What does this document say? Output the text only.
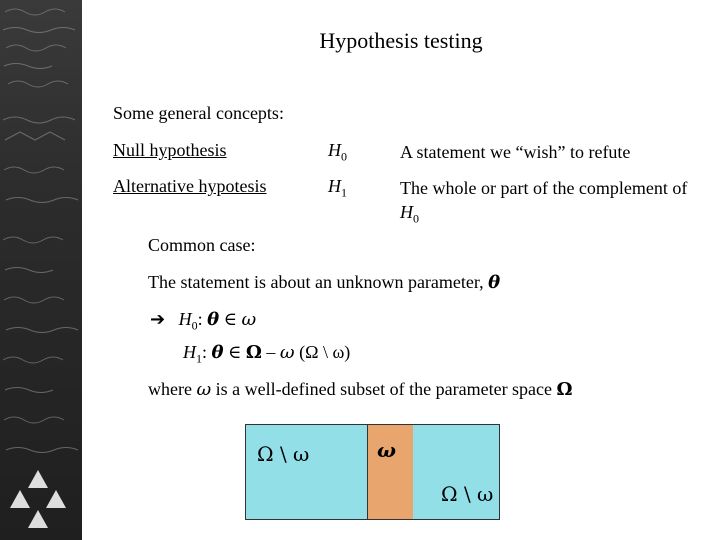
Hypothesis testing
Some general concepts:
Null hypothesis	$H_0$	A statement we “wish” to refute
Alternative hypotesis	$H_1$	The whole or part of the complement of $H_0$
Common case:
The statement is about an unknown parameter, θ
➔ $H_0$: θ ∈ ω
$H_1$: θ ∈ Ω – ω (Ω \ ω)
where ω is a well-defined subset of the parameter space Ω
Ω \ ω	ω
Ω \ ω
